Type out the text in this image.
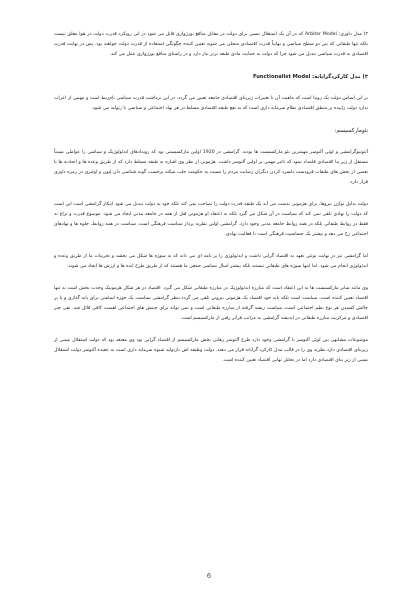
۲) مدل داوری: Arbiter Model که در آن یک استقلال نسبی برای دولت در مقابل منافع بورژوازی قایل می شود در این رویکرد قدرت دولت در هوا معلق نیست بلکه تنها طبقاتی که بین دو سطح سیاسی و نهایتاً قدرت اقتصادی متجلی می شوند تعیین کننده چگونگی استفاده از قدرت دولت خواهند بود. پس در نهایت قدرت اقتصادی به قدرت سیاسی تبدیل می شود چرا که دولت به حمایت مادی طبقه برتر نیاز دارد و در راستای منافع بورژوازی عمل می کند.

۳) مدل کارکردگرایانه: Functionalist Model

بر این اساس دولت یک روبنا است که ماهیت آن با تغییرات زیربنای اقتصادی جامعه تعیین می گردد. در این برداشت قدرت سیاسی تام‌ربط است و مهمی از اعراب ندارد دولت زاییده بر منطق اقتصادی نظام سرمایه داری است که به نفع طبقه اقتصادی مسلط در هر نهاد اجتماعی و سیاسی با زتولید می شود.

نئومارکسیسم:

آنتونیوگرامشی و لوئی آلتوسر مهمترین نئو مارکسیست ها بودند. گرامشی در 1920 اولین مارکسیستی بود که رویدادهای ایدئولوژیک و سیاسی را عواملی نسبتاً مستقل از زیر بنا اقتصادی قلمداد نمود که تاثیر مهمی بر اولین آلتوسر داشت. هژمونی از نظر وی اشاره به طبقه مسلط دارد که از طریق وعده ها و اتحادیه ها با بعضی از بخش های طبقات فرودست دلسرد کردن دیگران رضایت مردم را نسبت به حکومت جلب میکند برحسب گونه شناسی دان لیون و اولیری در زمره داوری قرار دارد.

دولت بدلیل توازن نیروها، برای هژمونی بدست می آید یک طبقه قدرت دولت را تصاحب نمی کند بلکه خود به دولت تبدیل می شود ابتکار گرامشی است این است که دولت را نهادی تلقی نمی کند که سیاست در آن شکل می گیرد بلکه به اعتقاد او هژمونی قبل از همه در جامعه مدنی ایجاد می شود. موضوع قدرت و نزاع نه فقط در روابط طبقاتی بلکه در همه روابط جامعه مدنی وجود دارد. گرامشی اولین نظریه پرداز سیاست فرهنگی است. سیاست در همه روابط، جلوه ها و نهادهای اجتماعی رخ می دهد و بیشتر یک حساسیت فرهنگی است تا فعالیت نهادی.

اما گرامشی نیز در نهایت نوعی تعهد به اقتصاد گرایی داشت و ایدئولوژی را بر نامه ای می داند که به سوژه ها شکل می بخشد و تجربیات ما از طریق وعده و ایدئولوژی انجام می شود. اما اینها سوژه های طبقاتی نیستند بلکه بیشتر امیال سیاسی جمعی ما هستند که از طریق طرح ایده ها و ارزش ها ایجاد می شوند.

وی مانند سایر مارکسیست ها به این اعتقاد است که مبارزه ایدئولوژیک در مبارزه طبقاتی شکل می گیرد. اقتصاد در هر شکل هژمونیک وحدت بخش است نه تنها اقتصاد تعیین کننده است، سیاست است بلکه باید خود اقتصاد یک هژمونی بیرونی تلقی می گردد.بنظر گرامشی سیاست یک حوزه اساسی برای پایه گذاری و یا بر چالش کشیدن هر نوع نظم اجتماعی است، سیاست ریشه گرفته از مبارزه طبقاتی است و نمی تواند برای جنبش های اجتماعی اهمیت کافی قائل شد. نفی جبر اقتصادی و مرکزیت مبارزه طبقاتی در اندیشه گرامشی به مراتب فراتر رفتن از مارکسیسم است.

موضوعات مشابهی بین لوئی آلتوسر با گرامشی وجود دارد طرح آلتوسر رهایی بخش مارکسیسم از اقتصاد گرایی بود وی معتقد بود که دولت استقلال نسبی از زیربنای اقتصادی دارد.نظریه وی را در قالب مدل کارکرد گرایانه قرار می دهند. دولت وظیفه اش بازتولید شیوه سرمایه داری است به عقیده آلتوسر دولت استقلال نسبی از زیر بنای اقتصادی دارد اما در تحلیل نهایی اقتصاد تعیین کننده است.

6
